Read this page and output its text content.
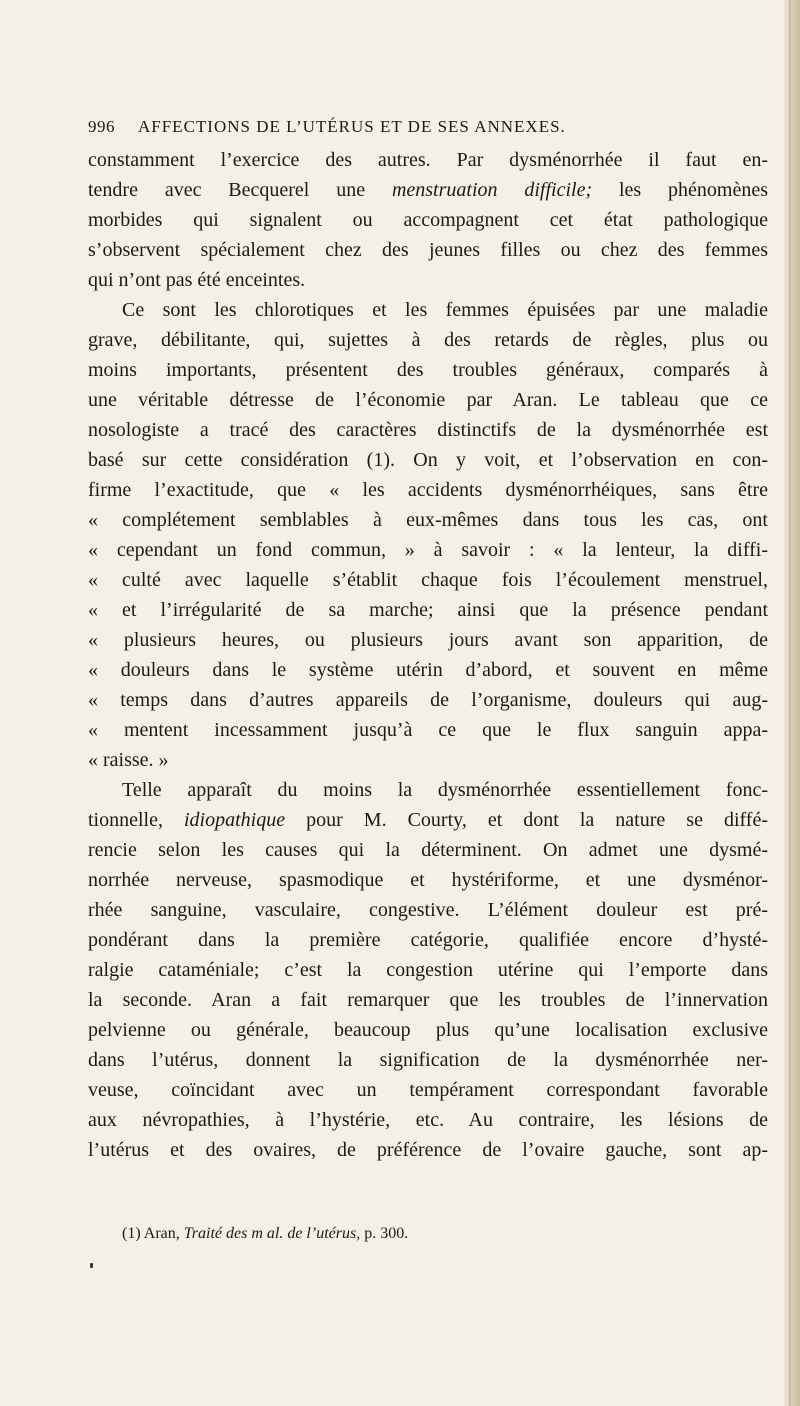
996 AFFECTIONS DE L’UTÉRUS ET DE SES ANNEXES.
constamment l’exercice des autres. Par dysménorrhée il faut en-
tendre avec Becquerel une menstruation difficile; les phénomènes
morbides qui signalent ou accompagnent cet état pathologique
s’observent spécialement chez des jeunes filles ou chez des femmes
qui n’ont pas été enceintes.
Ce sont les chlorotiques et les femmes épuisées par une maladie
grave, débilitante, qui, sujettes à des retards de règles, plus ou
moins importants, présentent des troubles généraux, comparés à
une véritable détresse de l’économie par Aran. Le tableau que ce
nosologiste a tracé des caractères distinctifs de la dysménorrhée est
basé sur cette considération (1). On y voit, et l’observation en con-
firme l’exactitude, que « les accidents dysménorrhéiques, sans être
« complétement semblables à eux-mêmes dans tous les cas, ont
« cependant un fond commun, » à savoir : « la lenteur, la diffi-
« culté avec laquelle s’établit chaque fois l’écoulement menstruel,
« et l’irrégularité de sa marche; ainsi que la présence pendant
« plusieurs heures, ou plusieurs jours avant son apparition, de
« douleurs dans le système utérin d’abord, et souvent en même
« temps dans d’autres appareils de l’organisme, douleurs qui aug-
« mentent incessamment jusqu’à ce que le flux sanguin appa-
« raisse. »
Telle apparaît du moins la dysménorrhée essentiellement fonc-
tionnelle, idiopathique pour M. Courty, et dont la nature se diffé-
rencie selon les causes qui la déterminent. On admet une dysmé-
norrhée nerveuse, spasmodique et hystériforme, et une dysménor-
rhée sanguine, vasculaire, congestive. L’élément douleur est pré-
pondérant dans la première catégorie, qualifiée encore d’hysté-
ralgie cataméniale; c’est la congestion utérine qui l’emporte dans
la seconde. Aran a fait remarquer que les troubles de l’innervation
pelvienne ou générale, beaucoup plus qu’une localisation exclusive
dans l’utérus, donnent la signification de la dysménorrhée ner-
veuse, coïncidant avec un tempérament correspondant favorable
aux névropathies, à l’hystérie, etc. Au contraire, les lésions de
l’utérus et des ovaires, de préférence de l’ovaire gauche, sont ap-
(1) Aran, Traité des m al. de l’utérus, p. 300.
